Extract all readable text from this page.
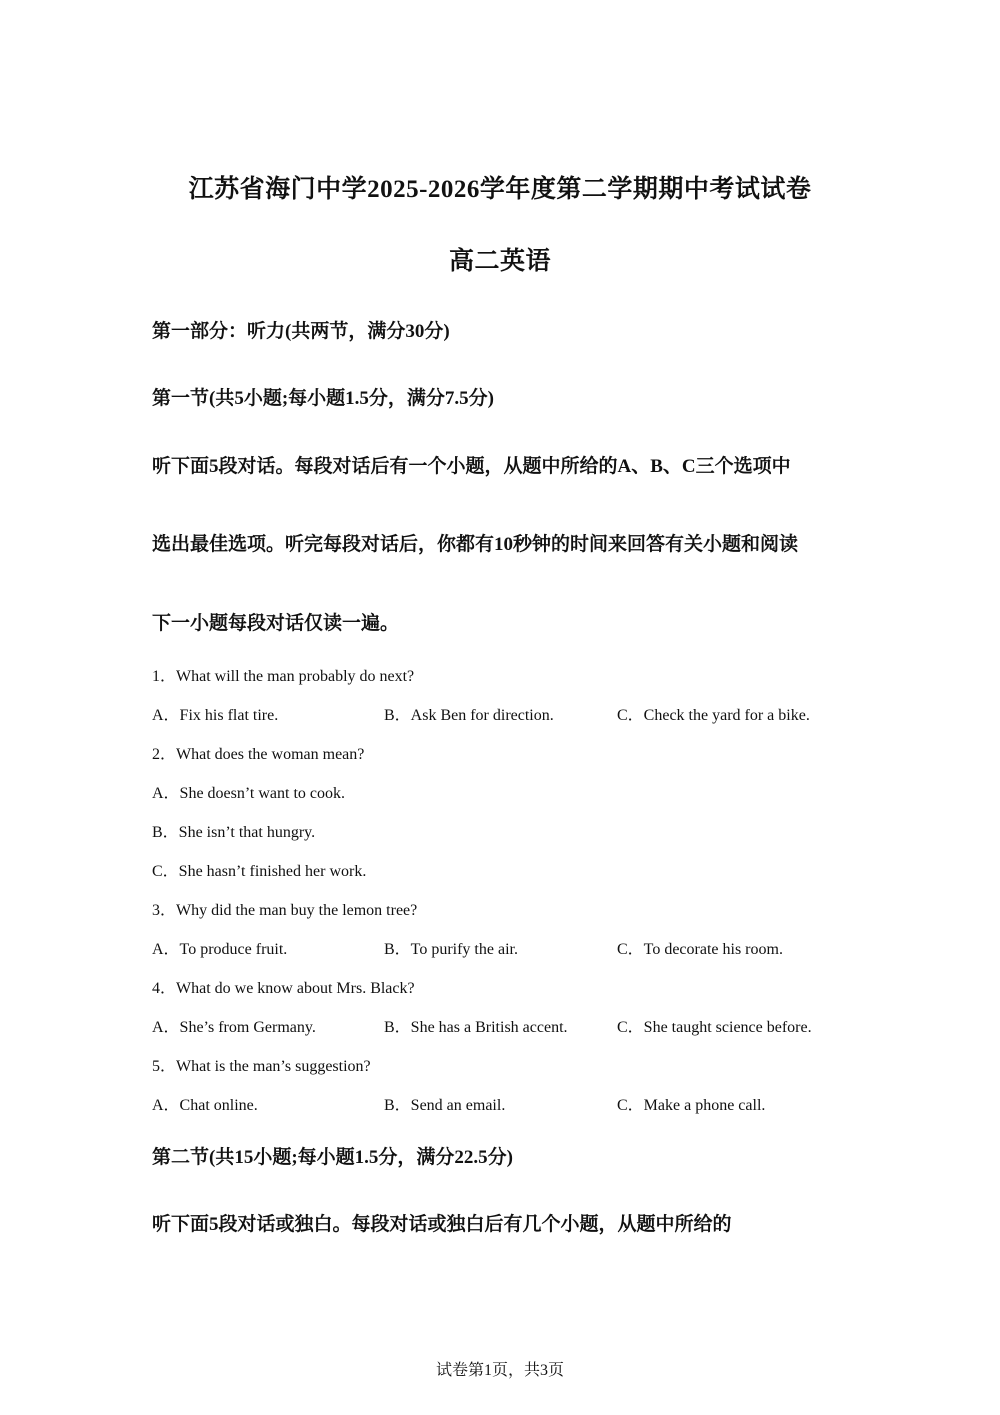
江苏省海门中学2025-2026学年度第二学期期中考试试卷
高二英语
第一部分：听力(共两节，满分30分)
第一节(共5小题;每小题1.5分，满分7.5分)
听下面5段对话。每段对话后有一个小题，从题中所给的A、B、C三个选项中
选出最佳选项。听完每段对话后，你都有10秒钟的时间来回答有关小题和阅读
下一小题每段对话仅读一遍。
1．What will the man probably do next?
A．Fix his flat tire.	B．Ask Ben for direction.	C．Check the yard for a bike.
2．What does the woman mean?
A．She doesn’t want to cook.
B．She isn’t that hungry.
C．She hasn’t finished her work.
3．Why did the man buy the lemon tree?
A．To produce fruit.	B．To purify the air.	C．To decorate his room.
4．What do we know about Mrs. Black?
A．She’s from Germany.	B．She has a British accent.	C．She taught science before.
5．What is the man’s suggestion?
A．Chat online.	B．Send an email.	C．Make a phone call.
第二节(共15小题;每小题1.5分，满分22.5分)
听下面5段对话或独白。每段对话或独白后有几个小题，从题中所给的
试卷第1页，共3页
